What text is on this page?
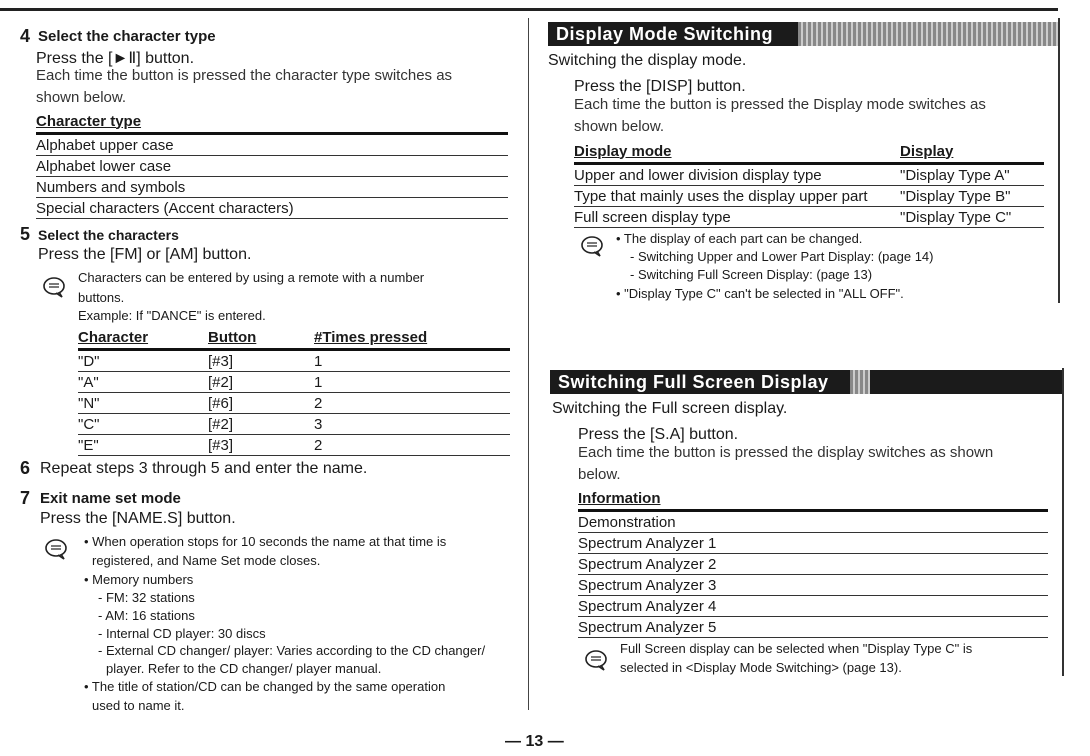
4 Select the character type
Press the [►Ⅱ] button.
Each time the button is pressed the character type switches as
shown below.
Character type
Alphabet upper case
Alphabet lower case
Numbers and symbols
Special characters (Accent characters)
5 Select the characters
Press the [FM] or [AM] button.
Characters can be entered by using a remote with a number
buttons.
Example: If "DANCE" is entered.
Character	Button	#Times pressed
"D"	[#3]	1
"A"	[#2]	1
"N"	[#6]	2
"C"	[#2]	3
"E"	[#3]	2
6 Repeat steps 3 through 5 and enter the name.
7 Exit name set mode
Press the [NAME.S] button.
• When operation stops for 10 seconds the name at that time is
registered, and Name Set mode closes.
• Memory numbers
- FM: 32 stations
- AM: 16 stations
- Internal CD player: 30 discs
- External CD changer/ player: Varies according to the CD changer/
player. Refer to the CD changer/ player manual.
• The title of station/CD can be changed by the same operation
used to name it.
Display Mode Switching
Switching the display mode.
Press the [DISP] button.
Each time the button is pressed the Display mode switches as
shown below.
Display mode	Display
Upper and lower division display type	"Display Type A"
Type that mainly uses the display upper part	"Display Type B"
Full screen display type	"Display Type C"
• The display of each part can be changed.
- Switching Upper and Lower Part Display: (page 14)
- Switching Full Screen Display: (page 13)
• "Display Type C" can't be selected in "ALL OFF".
Switching Full Screen Display
Switching the Full screen display.
Press the [S.A] button.
Each time the button is pressed the display switches as shown
below.
Information
Demonstration
Spectrum Analyzer 1
Spectrum Analyzer 2
Spectrum Analyzer 3
Spectrum Analyzer 4
Spectrum Analyzer 5
Full Screen display can be selected when "Display Type C" is
selected in <Display Mode Switching> (page 13).
— 13 —
